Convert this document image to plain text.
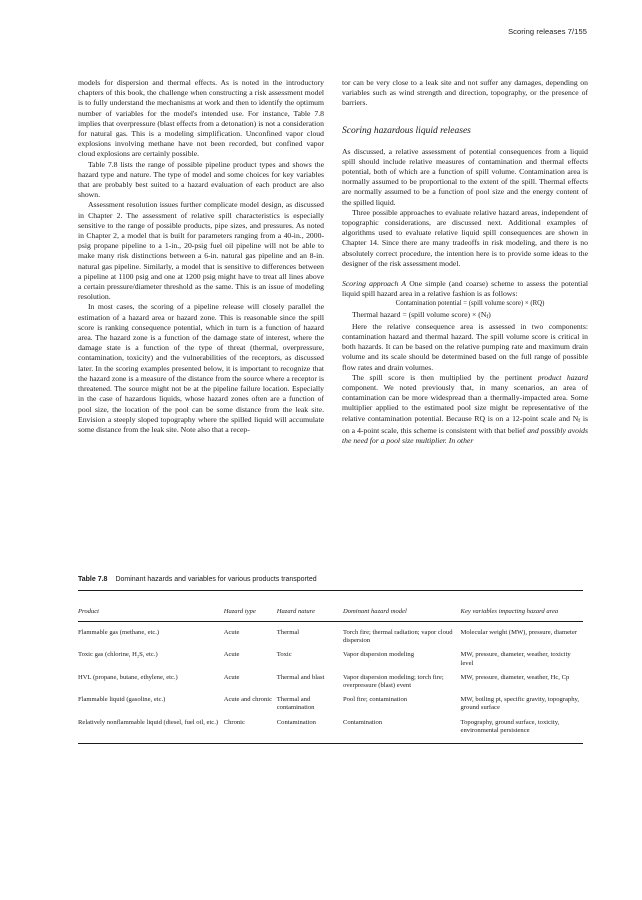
Scoring releases 7/155

models for dispersion and thermal effects. As is noted in the introductory chapters of this book, the challenge when constructing a risk assessment model is to fully understand the mechanisms at work and then to identify the optimum number of variables for the model's intended use. For instance, Table 7.8 implies that overpressure (blast effects from a detonation) is not a consideration for natural gas. This is a modeling simplification. Unconfined vapor cloud explosions involving methane have not been recorded, but confined vapor cloud explosions are certainly possible.

Table 7.8 lists the range of possible pipeline product types and shows the hazard type and nature. The type of model and some choices for key variables that are probably best suited to a hazard evaluation of each product are also shown.

Assessment resolution issues further complicate model design, as discussed in Chapter 2. The assessment of relative spill characteristics is especially sensitive to the range of possible products, pipe sizes, and pressures. As noted in Chapter 2, a model that is built for parameters ranging from a 40-in., 2000-psig propane pipeline to a 1-in., 20-psig fuel oil pipeline will not be able to make many risk distinctions between a 6-in. natural gas pipeline and an 8-in. natural gas pipeline. Similarly, a model that is sensitive to differences between a pipeline at 1100 psig and one at 1200 psig might have to treat all lines above a certain pressure/diameter threshold as the same. This is an issue of modeling resolution.

In most cases, the scoring of a pipeline release will closely parallel the estimation of a hazard area or hazard zone. This is reasonable since the spill score is ranking consequence potential, which in turn is a function of hazard area. The hazard zone is a function of the damage state of interest, where the damage state is a function of the type of threat (thermal, overpressure, contamination, toxicity) and the vulnerabilities of the receptors, as discussed later. In the scoring examples presented below, it is important to recognize that the hazard zone is a measure of the distance from the source where a receptor is threatened. The source might not be at the pipeline failure location. Especially in the case of hazardous liquids, whose hazard zones often are a function of pool size, the location of the pool can be some distance from the leak site. Envision a steeply sloped topography where the spilled liquid will accumulate some distance from the leak site. Note also that a recep-

tor can be very close to a leak site and not suffer any damages, depending on variables such as wind strength and direction, topography, or the presence of barriers.

Scoring hazardous liquid releases

As discussed, a relative assessment of potential consequences from a liquid spill should include relative measures of contamination and thermal effects potential, both of which are a function of spill volume. Contamination area is normally assumed to be proportional to the extent of the spill. Thermal effects are normally assumed to be a function of pool size and the energy content of the spilled liquid.

Three possible approaches to evaluate relative hazard areas, independent of topographic considerations, are discussed next. Additional examples of algorithms used to evaluate relative liquid spill consequences are shown in Chapter 14. Since there are many tradeoffs in risk modeling, and there is no absolutely correct procedure, the intention here is to provide some ideas to the designer of the risk assessment model.

Scoring approach A One simple (and coarse) scheme to assess the potential liquid spill hazard area in a relative fashion is as follows:

Contamination potential = (spill volume score) × (RQ)

Thermal hazard = (spill volume score) × (Nf)

Here the relative consequence area is assessed in two components: contamination hazard and thermal hazard. The spill volume score is critical in both hazards. It can be based on the relative pumping rate and maximum drain volume and its scale should be determined based on the full range of possible flow rates and drain volumes.

The spill score is then multiplied by the pertinent product hazard component. We noted previously that, in many scenarios, an area of contamination can be more widespread than a thermally-impacted area. Some multiplier applied to the estimated pool size might be representative of the relative contamination potential. Because RQ is on a 12-point scale and Nf is on a 4-point scale, this scheme is consistent with that belief and possibly avoids the need for a pool size multiplier. In other

Table 7.8 Dominant hazards and variables for various products transported
Product	Hazard type	Hazard nature	Dominant hazard model	Key variables impacting hazard area
Flammable gas (methane, etc.)	Acute	Thermal	Torch fire; thermal radiation; vapor cloud dispersion	Molecular weight (MW), pressure, diameter
Toxic gas (chlorine, H₂S, etc.)	Acute	Toxic	Vapor dispersion modeling	MW, pressure, diameter, weather, toxicity level
HVL (propane, butane, ethylene, etc.)	Acute	Thermal and blast	Vapor dispersion modeling; torch fire; overpressure (blast) event	MW, pressure, diameter, weather, Hc, Cp
Flammable liquid (gasoline, etc.)	Acute and chronic	Thermal and contamination	Pool fire; contamination	MW, boiling pt, specific gravity, topography, ground surface
Relatively nonflammable liquid (diesel, fuel oil, etc.)	Chronic	Contamination	Contamination	Topography, ground surface, toxicity, environmental persistence
